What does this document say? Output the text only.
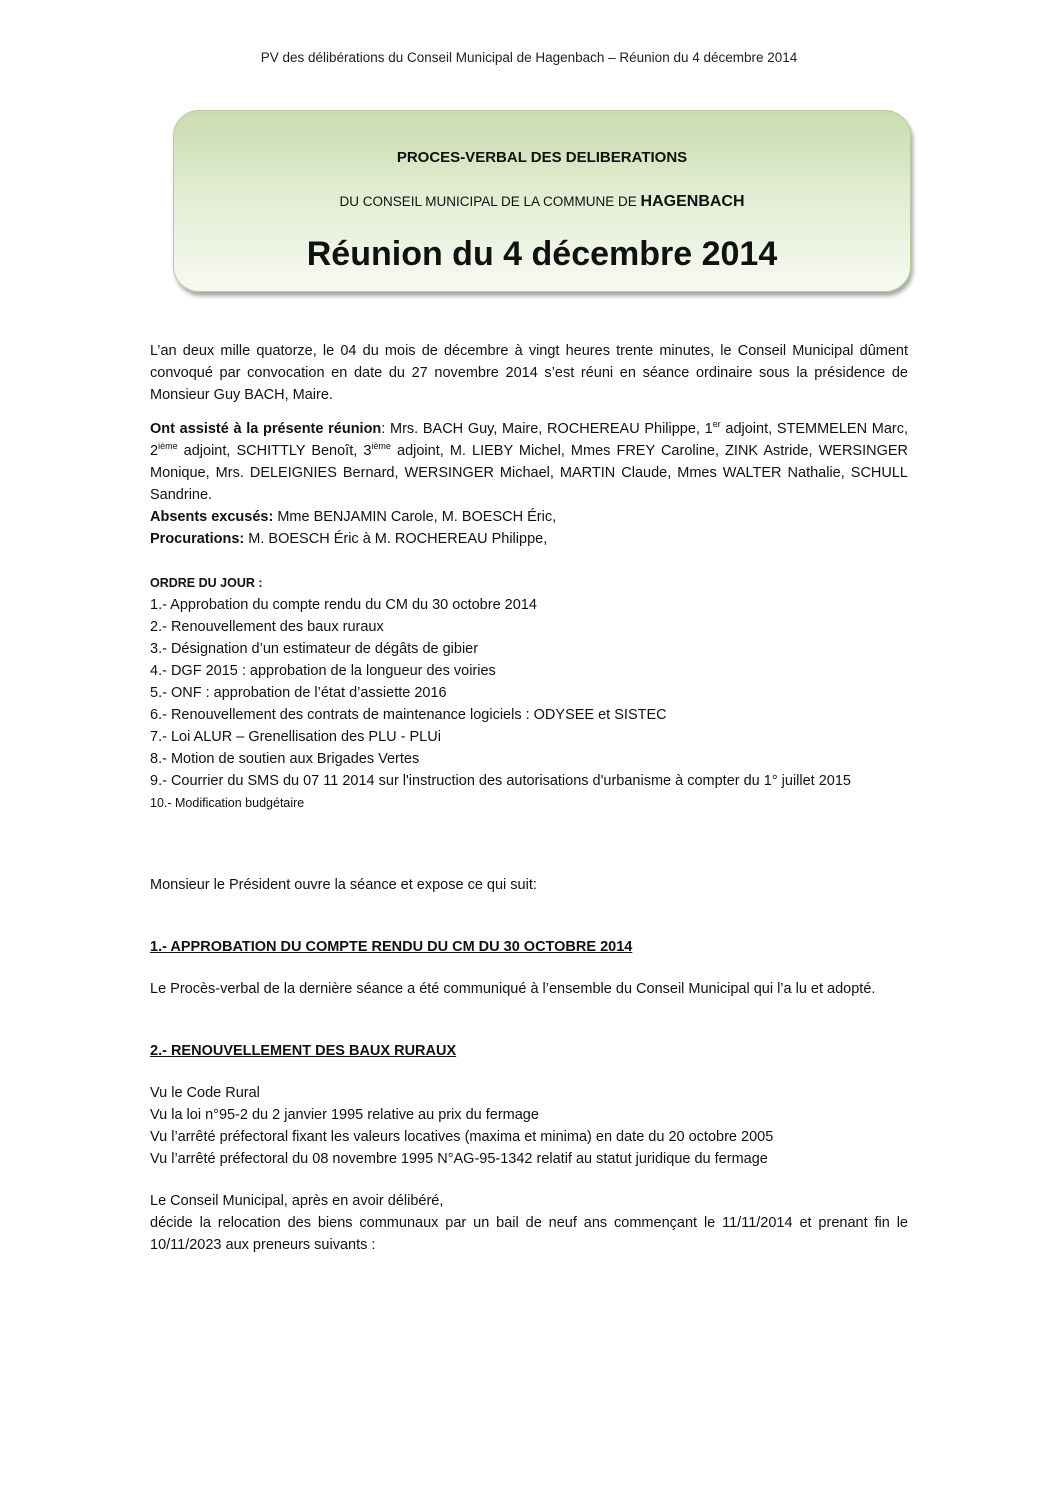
PV des délibérations du Conseil Municipal de Hagenbach – Réunion du 4 décembre 2014
PROCES-VERBAL DES DELIBERATIONS
DU CONSEIL MUNICIPAL DE LA COMMUNE DE HAGENBACH
Réunion du 4 décembre 2014

L’an deux mille quatorze, le 04 du mois de décembre à vingt heures trente minutes, le Conseil Municipal dûment convoqué par convocation en date du 27 novembre 2014 s’est réuni en séance ordinaire sous la présidence de Monsieur Guy BACH, Maire.

Ont assisté à la présente réunion: Mrs. BACH Guy, Maire, ROCHEREAU Philippe, 1er adjoint, STEMMELEN Marc, 2ième adjoint, SCHITTLY Benoît, 3ième adjoint, M. LIEBY Michel, Mmes FREY Caroline, ZINK Astride, WERSINGER Monique, Mrs. DELEIGNIES Bernard, WERSINGER Michael, MARTIN Claude, Mmes WALTER Nathalie, SCHULL Sandrine.

Absents excusés: Mme BENJAMIN Carole, M. BOESCH Éric,

Procurations: M. BOESCH Éric à M. ROCHEREAU Philippe,

ORDRE DU JOUR :

1.- Approbation du compte rendu du CM du 30 octobre 2014

2.- Renouvellement des baux ruraux

3.- Désignation d’un estimateur de dégâts de gibier

4.- DGF 2015 : approbation de la longueur des voiries

5.- ONF : approbation de l’état d’assiette 2016

6.- Renouvellement des contrats de maintenance logiciels : ODYSEE et SISTEC

7.- Loi ALUR – Grenellisation des PLU - PLUi

8.- Motion de soutien aux Brigades Vertes

9.- Courrier du SMS du 07 11 2014 sur l'instruction des autorisations d'urbanisme à compter du 1° juillet 2015

10.- Modification budgétaire

Monsieur le Président ouvre la séance et expose ce qui suit:

1.- APPROBATION DU COMPTE RENDU DU CM DU 30 OCTOBRE 2014

Le Procès-verbal de la dernière séance a été communiqué à l’ensemble du Conseil Municipal qui l’a lu et adopté.

2.- RENOUVELLEMENT DES BAUX RURAUX

Vu le Code Rural

Vu la loi n°95-2 du 2 janvier 1995 relative au prix du fermage

Vu l’arrêté préfectoral fixant les valeurs locatives (maxima et minima) en date du 20 octobre 2005

Vu l’arrêté préfectoral du 08 novembre 1995 N°AG-95-1342 relatif au statut juridique du fermage

Le Conseil Municipal, après en avoir délibéré,

décide la relocation des biens communaux par un bail de neuf ans commençant le 11/11/2014 et prenant fin le 10/11/2023 aux preneurs suivants :
